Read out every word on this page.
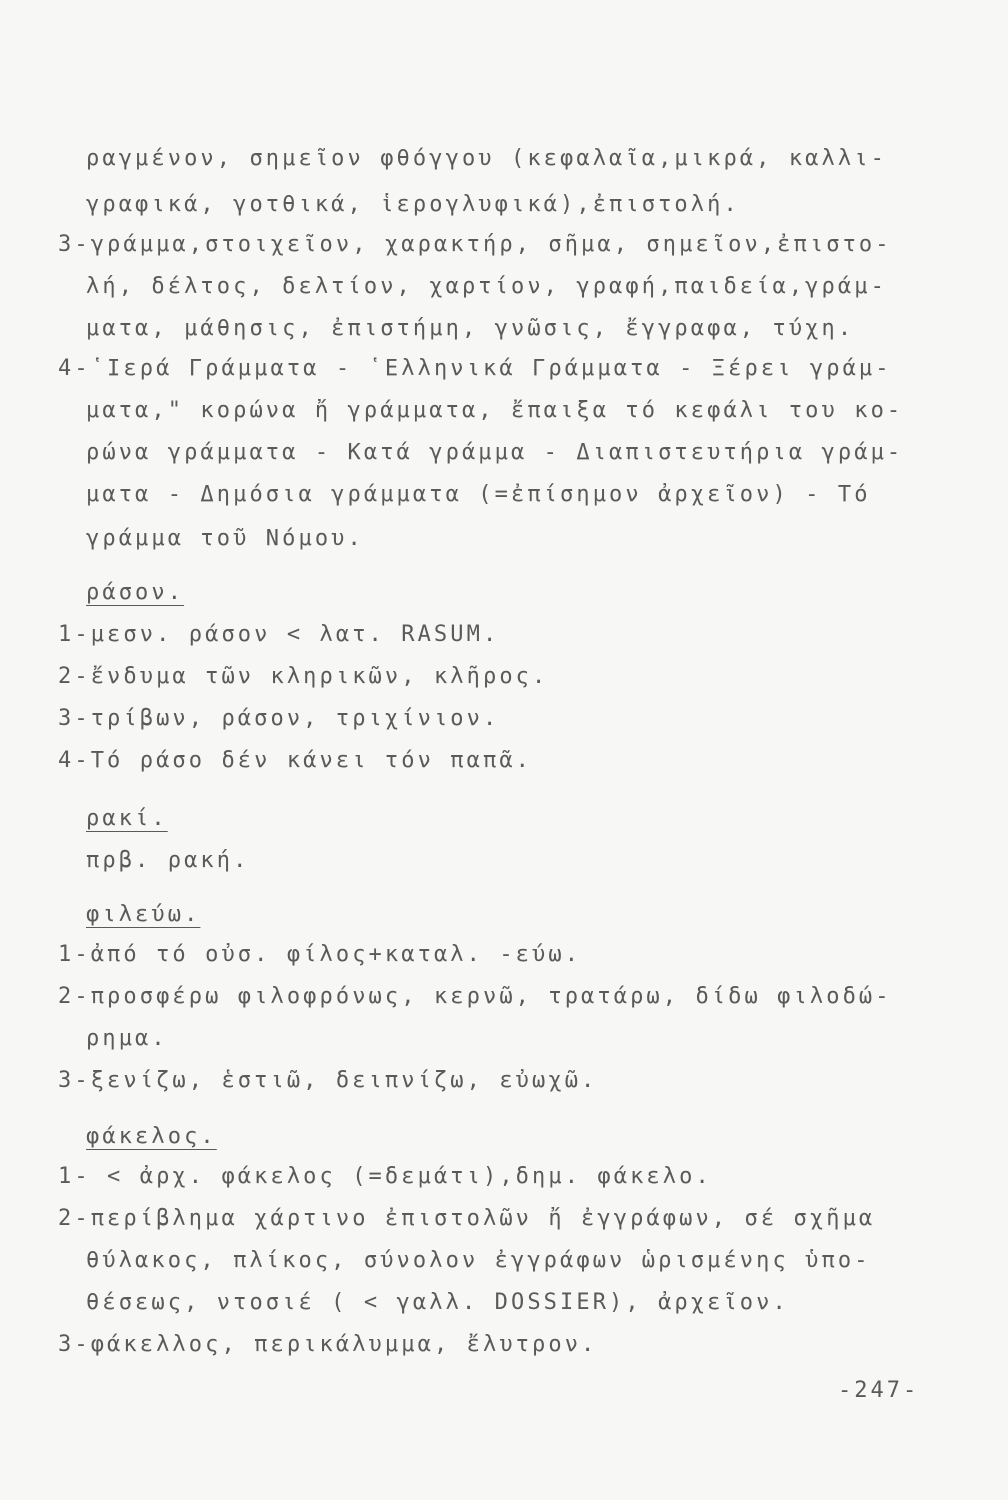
ραγμένον, σημεῖον φθόγγου (κεφαλαῖα,μικρά, καλλι-

γραφικά, γοτθικά, ἱερογλυφικά),ἐπιστολή.

3-γράμμα,στοιχεῖον, χαρακτήρ, σῆμα, σημεῖον,ἐπιστο-

λή, δέλτος, δελτίον, χαρτίον, γραφή,παιδεία,γράμ-

ματα, μάθησις, ἐπιστήμη, γνῶσις, ἔγγραφα, τύχη.

4-῾Ιερά Γράμματα - ῾Ελληνικά Γράμματα - Ξέρει γράμ-

ματα," κορώνα ἤ γράμματα, ἔπαιξα τό κεφάλι του κο-

ρώνα γράμματα - Κατά γράμμα - Διαπιστευτήρια γράμ-

ματα - Δημόσια γράμματα (=ἐπίσημον ἀρχεῖον) - Τό

γράμμα τοῦ Νόμου.

ράσον.

1-μεσν. ράσον < λατ. RASUM.

2-ἔνδυμα τῶν κληρικῶν, κλῆρος.

3-τρίβων, ράσον, τριχίνιον.

4-Τό ράσο δέν κάνει τόν παπᾶ.

ρακί.

πρβ. ρακή.

φιλεύω.

1-ἀπό τό οὐσ. φίλος+καταλ. -εύω.

2-προσφέρω φιλοφρόνως, κερνῶ, τρατάρω, δίδω φιλοδώ-

ρημα.

3-ξενίζω, ἑστιῶ, δειπνίζω, εὐωχῶ.

φάκελος.

1- < ἀρχ. φάκελος (=δεμάτι),δημ. φάκελο.

2-περίβλημα χάρτινο ἐπιστολῶν ἤ ἐγγράφων, σέ σχῆμα

θύλακος, πλίκος, σύνολον ἐγγράφων ὡρισμένης ὑπο-

θέσεως, ντοσιέ ( < γαλλ. DOSSIER), ἀρχεῖον.

3-φάκελλος, περικάλυμμα, ἔλυτρον.

-247-
